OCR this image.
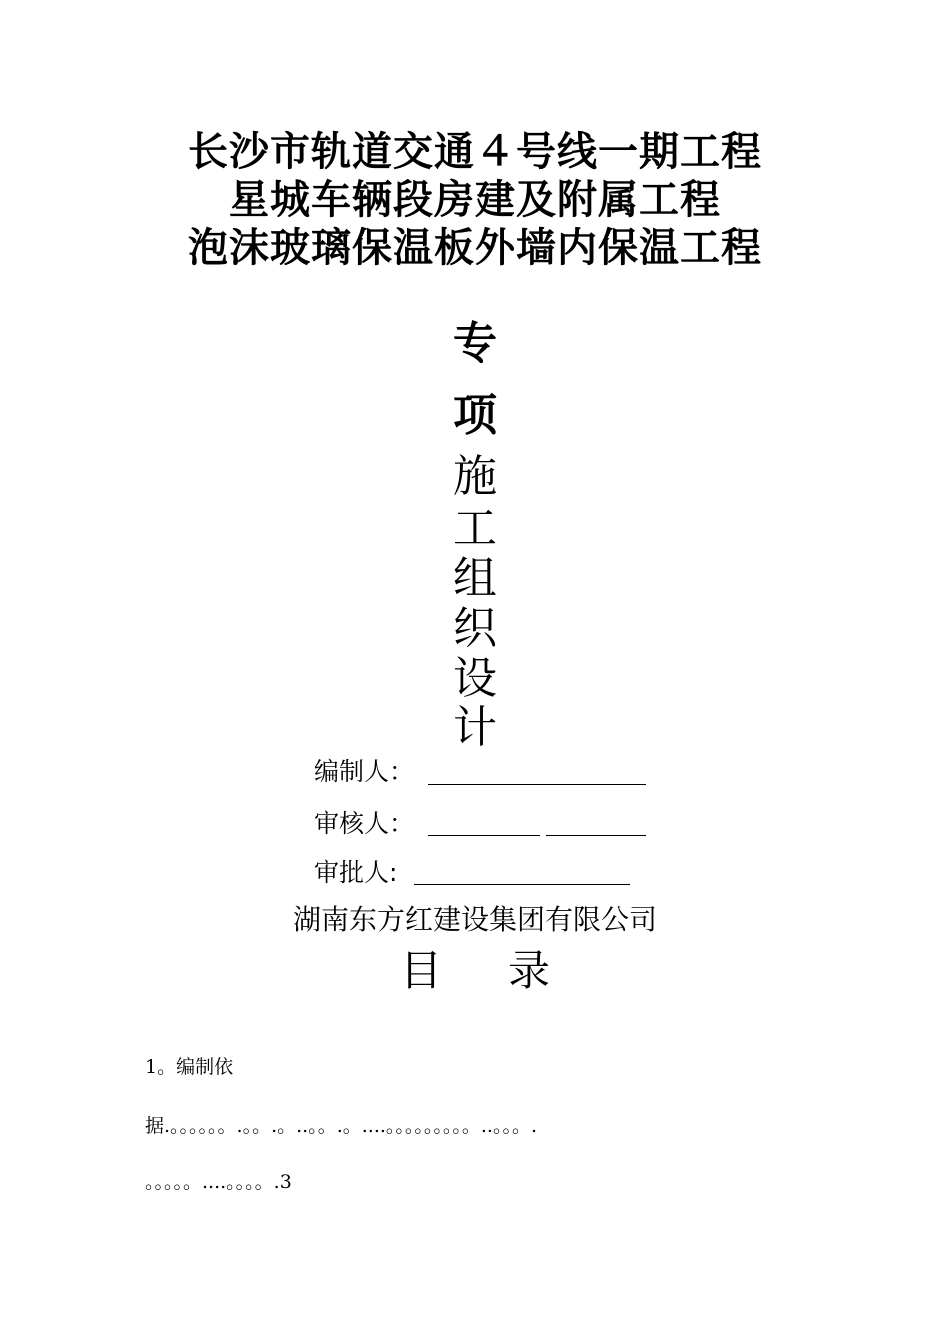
长沙市轨道交通４号线一期工程
星城车辆段房建及附属工程
泡沫玻璃保温板外墙内保温工程
专
项
施
工
组
织
设
计
编制人：
审核人：
审批人:
湖南东方红建设集团有限公司
目 录
1。编制依
据.。。。。。。.。。.。..。。.。....。。。。。。。。。..。。。.
。。。。。....。。。。.3
